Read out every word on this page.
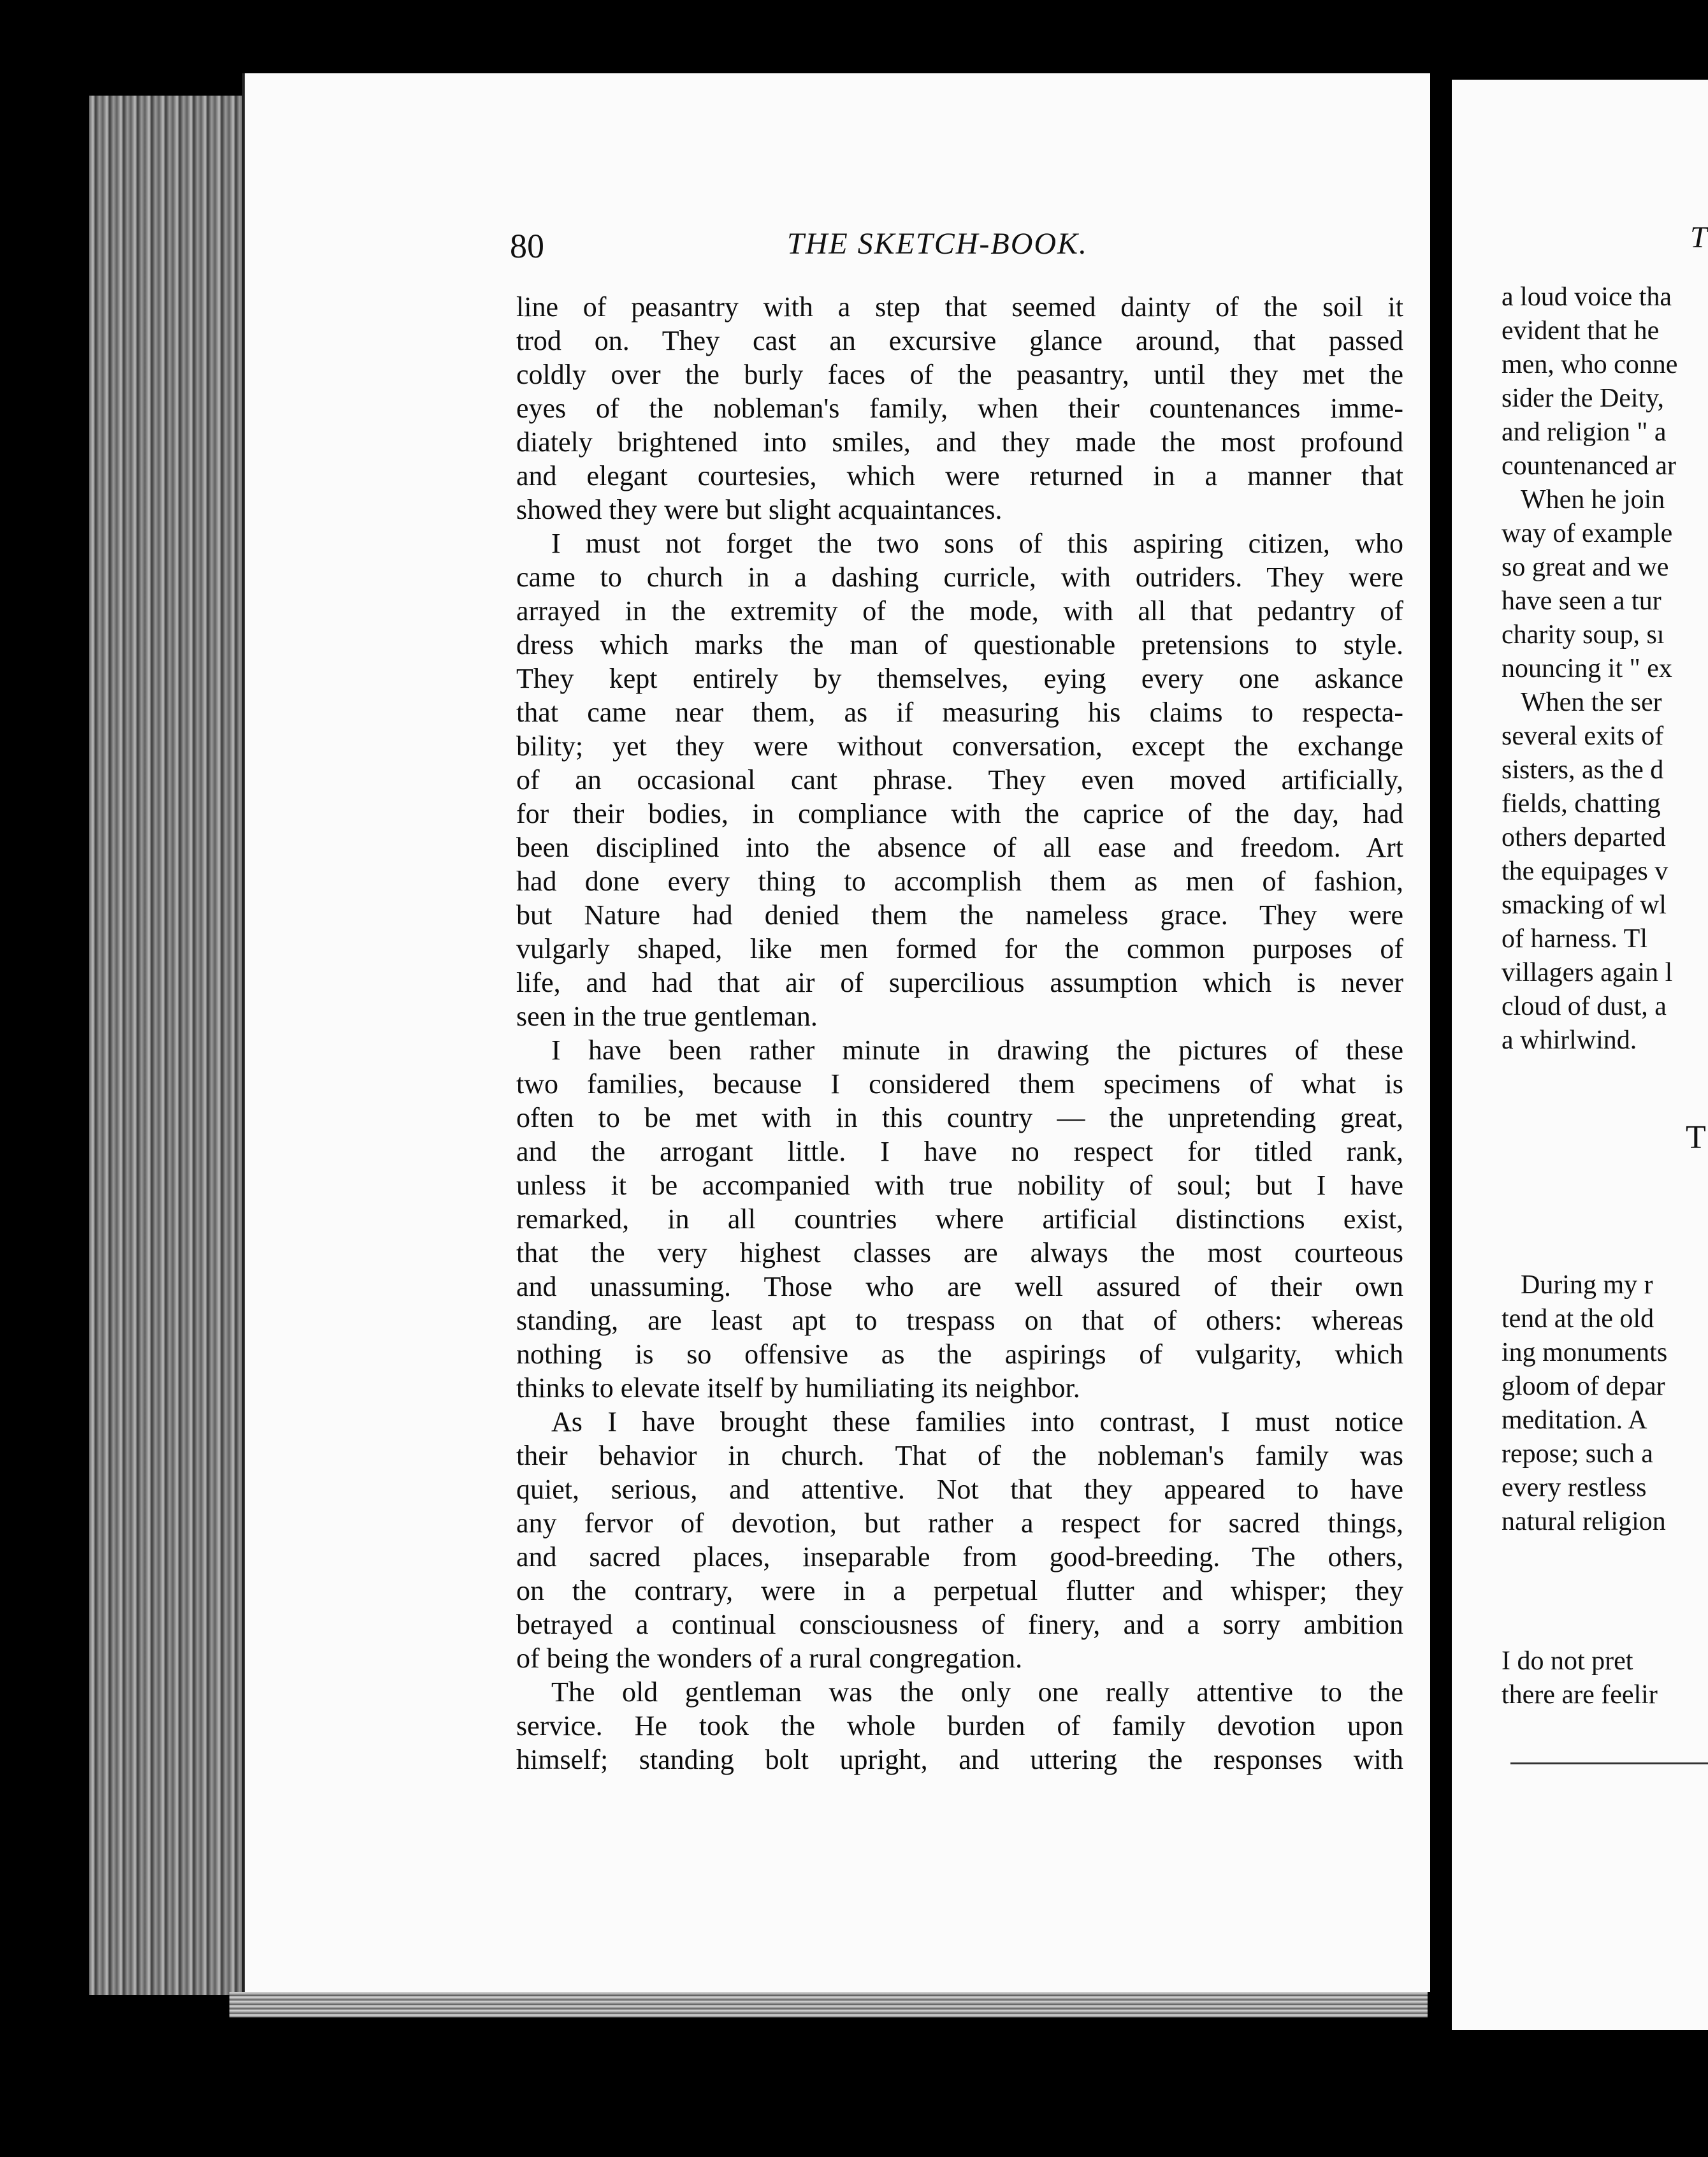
80	THE SKETCH-BOOK.
line of peasantry with a step that seemed dainty of the soil it
trod on. They cast an excursive glance around, that passed
coldly over the burly faces of the peasantry, until they met the
eyes of the nobleman's family, when their countenances imme-
diately brightened into smiles, and they made the most profound
and elegant courtesies, which were returned in a manner that
showed they were but slight acquaintances.
I must not forget the two sons of this aspiring citizen, who
came to church in a dashing curricle, with outriders. They were
arrayed in the extremity of the mode, with all that pedantry of
dress which marks the man of questionable pretensions to style.
They kept entirely by themselves, eying every one askance
that came near them, as if measuring his claims to respecta-
bility; yet they were without conversation, except the exchange
of an occasional cant phrase. They even moved artificially,
for their bodies, in compliance with the caprice of the day, had
been disciplined into the absence of all ease and freedom. Art
had done every thing to accomplish them as men of fashion,
but Nature had denied them the nameless grace. They were
vulgarly shaped, like men formed for the common purposes of
life, and had that air of supercilious assumption which is never
seen in the true gentleman.
I have been rather minute in drawing the pictures of these
two families, because I considered them specimens of what is
often to be met with in this country — the unpretending great,
and the arrogant little. I have no respect for titled rank,
unless it be accompanied with true nobility of soul; but I have
remarked, in all countries where artificial distinctions exist,
that the very highest classes are always the most courteous
and unassuming. Those who are well assured of their own
standing, are least apt to trespass on that of others: whereas
nothing is so offensive as the aspirings of vulgarity, which
thinks to elevate itself by humiliating its neighbor.
As I have brought these families into contrast, I must notice
their behavior in church. That of the nobleman's family was
quiet, serious, and attentive. Not that they appeared to have
any fervor of devotion, but rather a respect for sacred things,
and sacred places, inseparable from good-breeding. The others,
on the contrary, were in a perpetual flutter and whisper; they
betrayed a continual consciousness of finery, and a sorry ambition
of being the wonders of a rural congregation.
The old gentleman was the only one really attentive to the
service. He took the whole burden of family devotion upon
himself; standing bolt upright, and uttering the responses with
T
a loud voice tha
evident that he
men, who conne
sider the Deity,
and religion " a
countenanced ar
When he join
way of example
so great and we
have seen a tur
charity soup, sı
nouncing it " ex
When the ser
several exits of
sisters, as the d
fields, chatting
others departed
the equipages v
smacking of wl
of harness. Tl
villagers again l
cloud of dust, a
a whirlwind.
T
During my r
tend at the old
ing monuments
gloom of depar
meditation. A
repose; such a
every restless
natural religion
I do not pret
there are feelir
